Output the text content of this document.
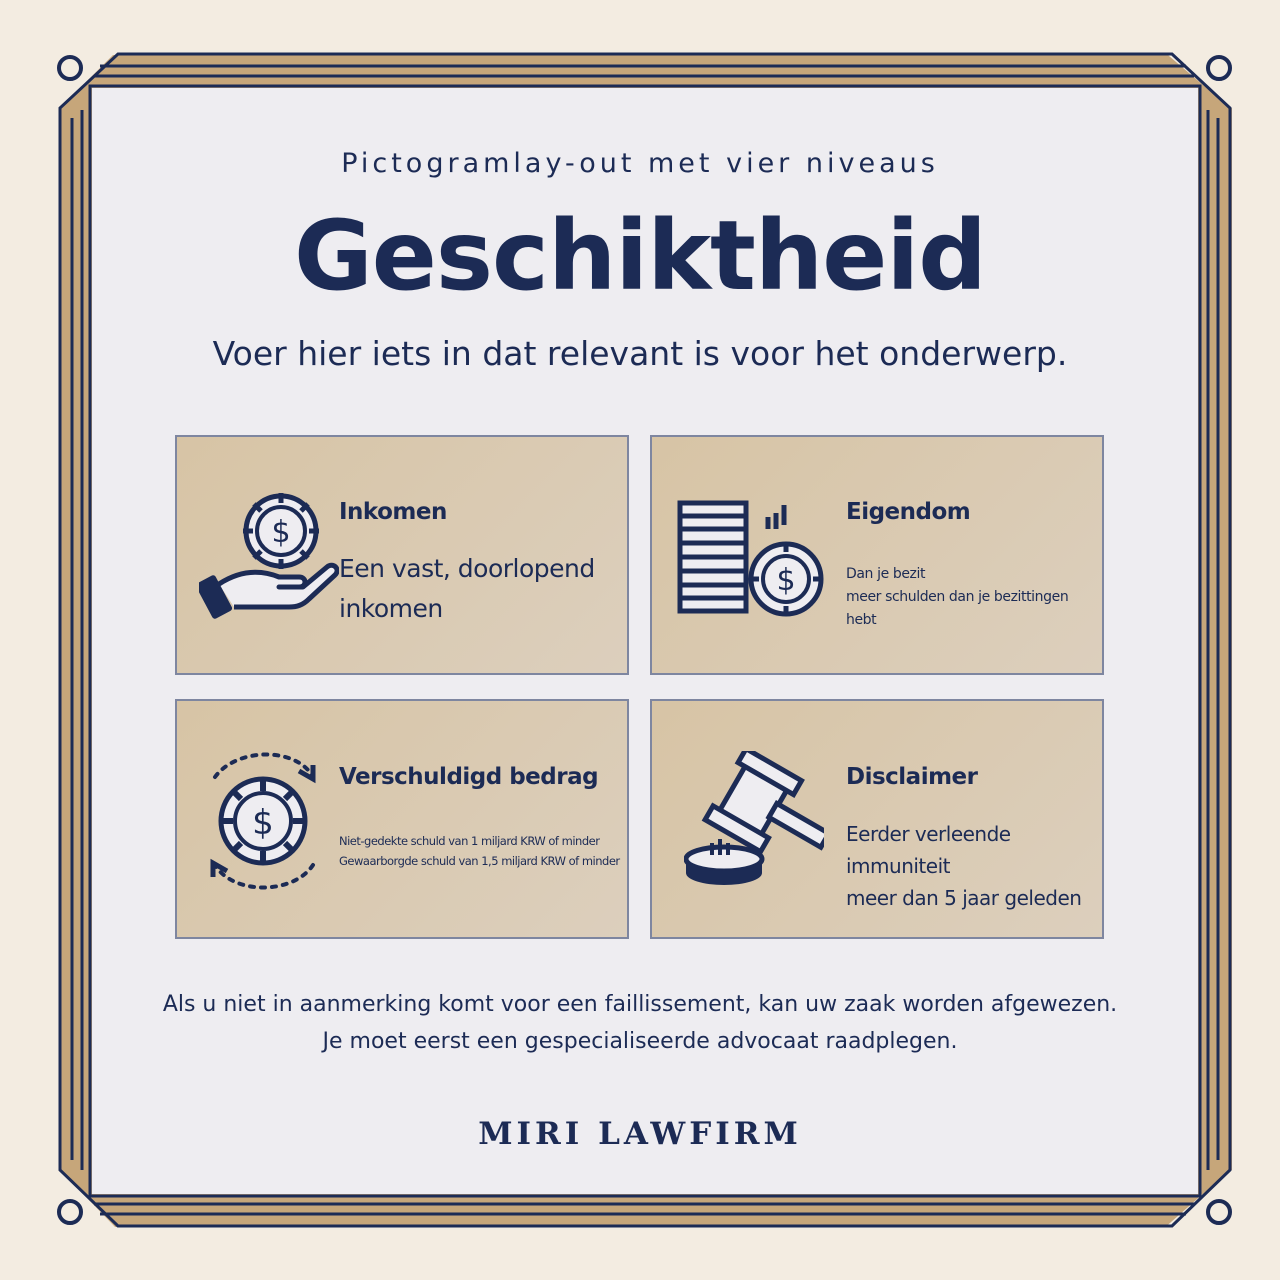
Pictogramlay-out met vier niveaus
Geschiktheid
Voer hier iets in dat relevant is voor het onderwerp.
$
Inkomen
Een vast, doorlopend
inkomen
$
Eigendom
Dan je bezit
meer schulden dan je bezittingen hebt
$
Verschuldigd bedrag
Niet-gedekte schuld van 1 miljard KRW of minder
Gewaarborgde schuld van 1,5 miljard KRW of minder
Disclaimer
Eerder verleende immuniteit
meer dan 5 jaar geleden
Als u niet in aanmerking komt voor een faillissement, kan uw zaak worden afgewezen.
Je moet eerst een gespecialiseerde advocaat raadplegen.
MIRI LAWFIRM
